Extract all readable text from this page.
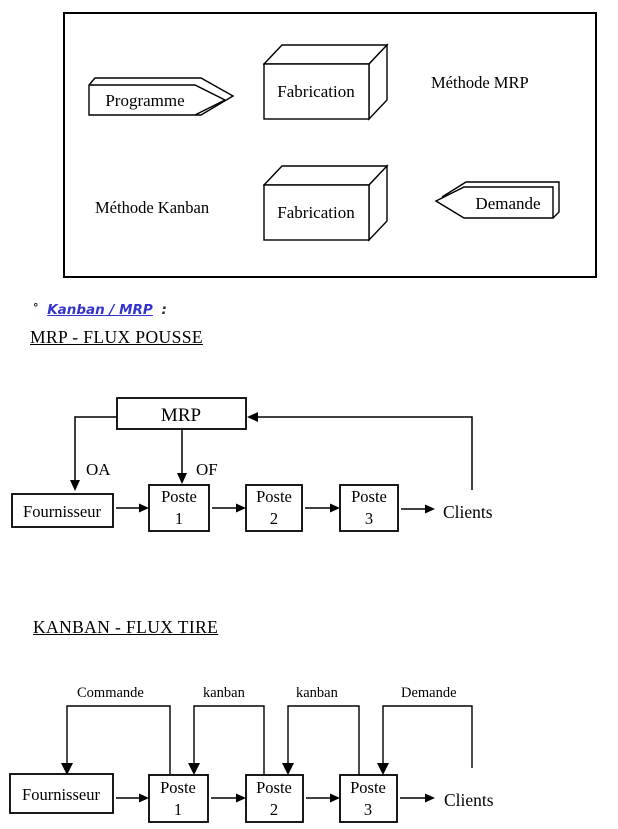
Programme	Fabrication	Méthode MRP
Méthode Kanban	Fabrication	Demande
° Kanban / MRP :
MRP - FLUX POUSSE
MRP
OA	OF
Fournisseur
Poste
1
Poste
2
Poste
3	Clients
KANBAN - FLUX TIRE
Commande	kanban	kanban	Demande
Fournisseur	Poste
1
Poste
2
Poste
3	Clients
